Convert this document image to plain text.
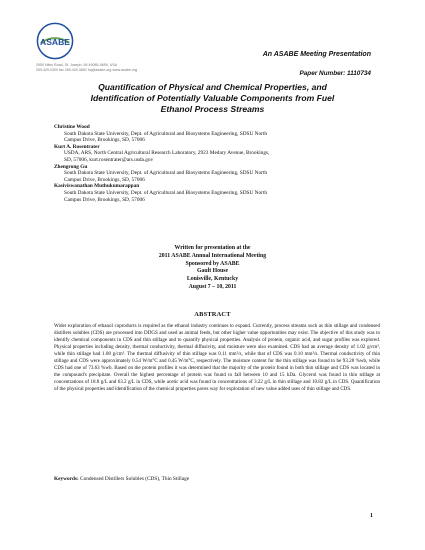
ASABE
2950 Niles Road, St. Joseph, MI 49085-9659, USA
269.429.0300 fax 269.429.3852 hq@asabe.org www.asabe.org
An ASABE Meeting Presentation
Paper Number: 1110734
Quantification of Physical and Chemical Properties, and
Identification of Potentially Valuable Components from Fuel
Ethanol Process Streams
Christine Wood
South Dakota State University, Dept. of Agricultural and Biosystems Engineering, SDSU North
Campus Drive, Brookings, SD, 57006
Kurt A. Rosentrater
USDA, ARS, North Central Agricultural Research Laboratory, 2923 Medary Avenue, Brookings,
SD, 57006, kurt.rosentrater@ars.usda.gov
Zhengrong Gu
South Dakota State University, Dept. of Agricultural and Biosystems Engineering, SDSU North
Campus Drive, Brookings, SD, 57006
Kasiviswanathan Muthukumarappan
South Dakota State University, Dept. of Agricultural and Biosystems Engineering, SDSU North
Campus Drive, Brookings, SD, 57006
Written for presentation at the
2011 ASABE Annual International Meeting
Sponsored by ASABE
Gault House
Louisville, Kentucky
August 7 – 10, 2011
ABSTRACT
Wider exploration of ethanol coproducts is required as the ethanol industry continues to expand. Currently, process streams such as thin stillage and condensed distillers solubles (CDS) are processed into DDGS and used as animal feeds, but other higher value opportunities may exist. The objective of this study was to identify chemical components in CDS and thin stillage and to quantify physical properties. Analysis of protein, organic acid, and sugar profiles was explored. Physical properties including density, thermal conductivity, thermal diffusivity, and moisture were also examined. CDS had an average density of 1.02 g/cm³, while thin stillage had 1.08 g/cm³. The thermal diffusivity of thin stillage was 0.11 mm²/s, while that of CDS was 0.10 mm²/s. Thermal conductivity of thin stillage and CDS were approximately 0.54 W/m°C and 0.45 W/m°C, respectively. The moisture content for the thin stillage was found to be 93.28 %wb, while CDS had one of 73.63 %wb. Based on the protein profiles it was determined that the majority of the protein found in both thin stillage and CDS was located in the compound's precipitate. Overall the highest percentage of protein was found to fall between 10 and 15 kDa. Glycerol was found in thin stillage at concentrations of 18.8 g/L and 63.2 g/L in CDS, while acetic acid was found in concentrations of 3.22 g/L in thin stillage and 10.82 g/L in CDS. Quantification of the physical properties and identification of the chemical properties paves way for exploration of new value added uses of thin stillage and CDS.
Keywords: Condensed Distillers Solubles (CDS), Thin Stillage
1
